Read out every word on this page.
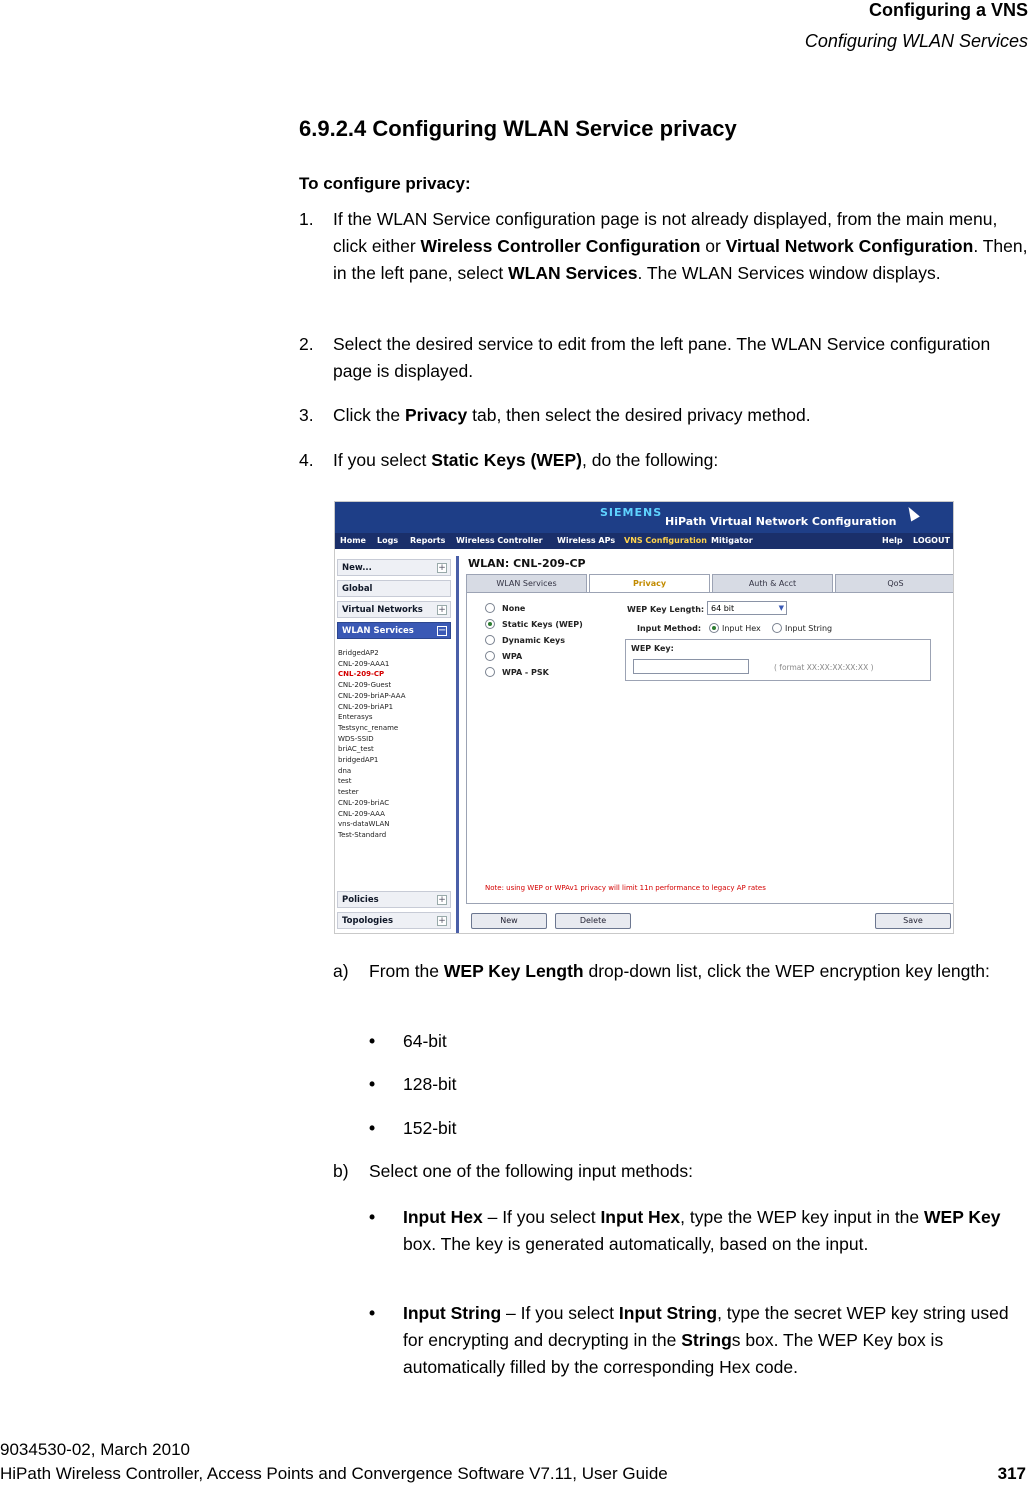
Configuring a VNS
Configuring WLAN Services
6.9.2.4 Configuring WLAN Service privacy
To configure privacy:
1. If the WLAN Service configuration page is not already displayed, from the main menu, click either Wireless Controller Configuration or Virtual Network Configuration. Then, in the left pane, select WLAN Services. The WLAN Services window displays.
2. Select the desired service to edit from the left pane. The WLAN Service configuration page is displayed.
3. Click the Privacy tab, then select the desired privacy method.
4. If you select Static Keys (WEP), do the following:
SIEMENS
HiPath Virtual Network Configuration
Home Logs Reports Wireless Controller Wireless APs VNS Configuration Mitigator	Help LOGOUT
New...	+
Global
Virtual Networks +
WLAN Services −
BridgedAP2
CNL-209-AAA1
CNL-209-CP
CNL-209-Guest
CNL-209-briAP-AAA
CNL-209-briAP1
Enterasys
Testsync_rename
WDS-SSID
briAC_test
bridgedAP1
dna
test
tester
CNL-209-briAC
CNL-209-AAA
vns-dataWLAN
Test-Standard
Policies	+
Topologies	+
WLAN: CNL-209-CP
WLAN Services	Privacy	Auth & Acct	QoS
None
Static Keys (WEP)
Dynamic Keys
WPA
WPA - PSK
WEP Key Length: 64 bit	▼
Input Method:	Input Hex	Input String
WEP Key:
( format XX:XX:XX:XX:XX )
Note: using WEP or WPAv1 privacy will limit 11n performance to legacy AP rates
New	Delete	Save
a) From the WEP Key Length drop-down list, click the WEP encryption key length:
• 64-bit
• 128-bit
• 152-bit
b) Select one of the following input methods:
• Input Hex – If you select Input Hex, type the WEP key input in the WEP Key box. The key is generated automatically, based on the input.
• Input String – If you select Input String, type the secret WEP key string used for encrypting and decrypting in the Strings box. The WEP Key box is automatically filled by the corresponding Hex code.
9034530-02, March 2010
HiPath Wireless Controller, Access Points and Convergence Software V7.11, User Guide	317
